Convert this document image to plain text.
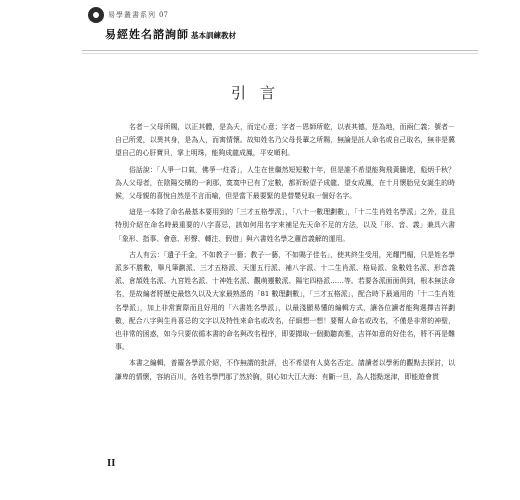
易學叢書系列 07
易經姓名諮詢師 基本訓練教材
引言

名者－父母所賜，以正其體，是為夭，而定心意；字者－恩師所乾，以表其德，是為地，而兩仁義；號者－自己所愛，以異其身，是為人，而寓情懷。故知姓名乃父母長輩之所賜，無論是託人命名或自己取名，無非是冀望自己的心肝寶貝，掌上明珠，能夠成龍成鳳，平安順利。

俗話說：「人爭一口氣，佛爭一炷香」，人生在世繼然短短數十年，但是誰不希望能夠飛黃騰達，彪炳千秋？為人父母者，在陰陽交構的一剎那，寞寞中已有了定數，都祈盼望子成龍、望女成鳳，在十月懷胎兒女誕生的時候，父母親的喜悅自然是不言而喻，但是當下最要緊的是替嬰兒取一個好名字。

這是一本除了命名最基本要用到的「三才五格學派」，「八十一數理劃數」，「十二生肖姓名學派」之外，並且特別介紹在命名時最重要的八字喜忌，該如何用名字來補足先天命不足的方法，以及「形、音、義」兼具六書「象形、指事、會意、形聲、轉注、假借」與六書姓名學之邏首義解的運用。

古人有云：「遺子千金，不如教子一藝；教子一藝，不如賜子佳名」，使其終生受用，光耀門楣，只是姓名學派多不勝數，舉凡筆劃派、三才五格派、天運五行派、補八字派、十二生肖派、格局派、象數姓名派、形音義派、倉頡姓名派、九宮姓名派、十神姓名派、觀萌靈數派、陽宅四格派……等。若要各派面面俱到，根本無法命名，是故編者將歷史最悠久以及大家最熟悉的「81 數理劃數」，「三才五格派」，配合時下最通用的「十二生肖姓名學派」，加上非常實際而且好用的「六書姓名學派」，以最淺顯易懂的編輯方式，讓各位讀者能夠選擇吉祥劃數，配合八字與生肖喜忌的文字以及特性來命名或改名，仔細想一想！要幫人命名或改名，不僅是非常的神聖，也非常的困惑，如今只要依循本書的命名與改名程序，即要擷取一個動聽高雅，吉祥如意的好佳名，將不再是難事。

本書之編輯，普羅各學派介紹，不作無謂的批評，也不希望有人莫名否定。請讀者以學術的觀點去探討，以謙卑的情懷，容納百川，各姓名學門那了然於胸，則心如大江大海：有斷一旦，為人指點迷津，即能遊會貫

II
